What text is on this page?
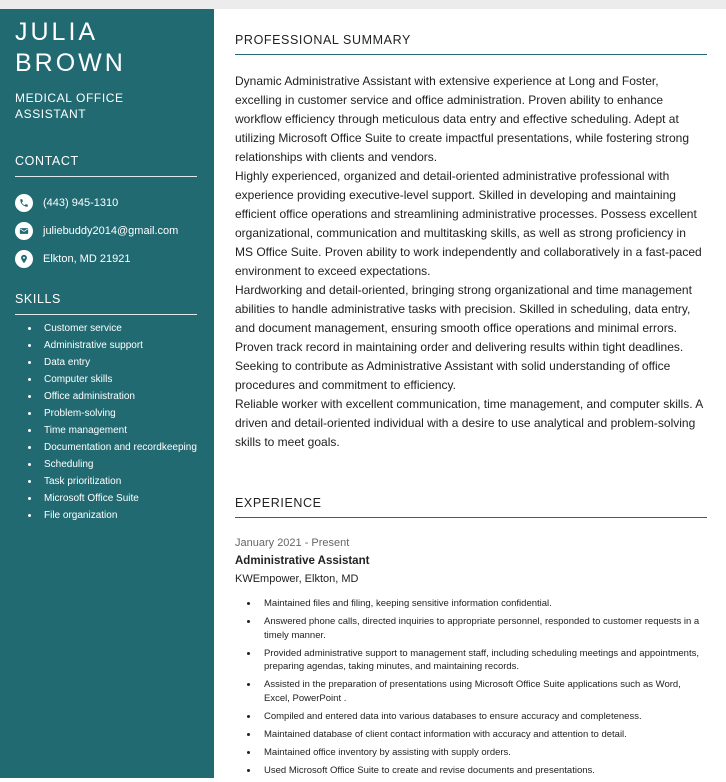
JULIA
BROWN
MEDICAL OFFICE
ASSISTANT
CONTACT
(443) 945-1310
juliebuddy2014@gmail.com
Elkton, MD 21921
SKILLS
Customer service
Administrative support
Data entry
Computer skills
Office administration
Problem-solving
Time management
Documentation and recordkeeping
Scheduling
Task prioritization
Microsoft Office Suite
File organization
PROFESSIONAL SUMMARY

Dynamic Administrative Assistant with extensive experience at Long and Foster, excelling in customer service and office administration. Proven ability to enhance workflow efficiency through meticulous data entry and effective scheduling. Adept at utilizing Microsoft Office Suite to create impactful presentations, while fostering strong relationships with clients and vendors.

Highly experienced, organized and detail-oriented administrative professional with experience providing executive-level support. Skilled in developing and maintaining efficient office operations and streamlining administrative processes. Possess excellent organizational, communication and multitasking skills, as well as strong proficiency in MS Office Suite. Proven ability to work independently and collaboratively in a fast-paced environment to exceed expectations.

Hardworking and detail-oriented, bringing strong organizational and time management abilities to handle administrative tasks with precision. Skilled in scheduling, data entry, and document management, ensuring smooth office operations and minimal errors. Proven track record in maintaining order and delivering results within tight deadlines. Seeking to contribute as Administrative Assistant with solid understanding of office procedures and commitment to efficiency.

Reliable worker with excellent communication, time management, and computer skills. A driven and detail-oriented individual with a desire to use analytical and problem-solving skills to meet goals.

EXPERIENCE
January 2021 - Present
Administrative Assistant
KWEmpower, Elkton, MD
Maintained files and filing, keeping sensitive information confidential.
Answered phone calls, directed inquiries to appropriate personnel, responded to customer requests in a timely manner.
Provided administrative support to management staff, including scheduling meetings and appointments, preparing agendas, taking minutes, and maintaining records.
Assisted in the preparation of presentations using Microsoft Office Suite applications such as Word, Excel, PowerPoint .
Compiled and entered data into various databases to ensure accuracy and completeness.
Maintained database of client contact information with accuracy and attention to detail.
Maintained office inventory by assisting with supply orders.
Used Microsoft Office Suite to create and revise documents and presentations.
